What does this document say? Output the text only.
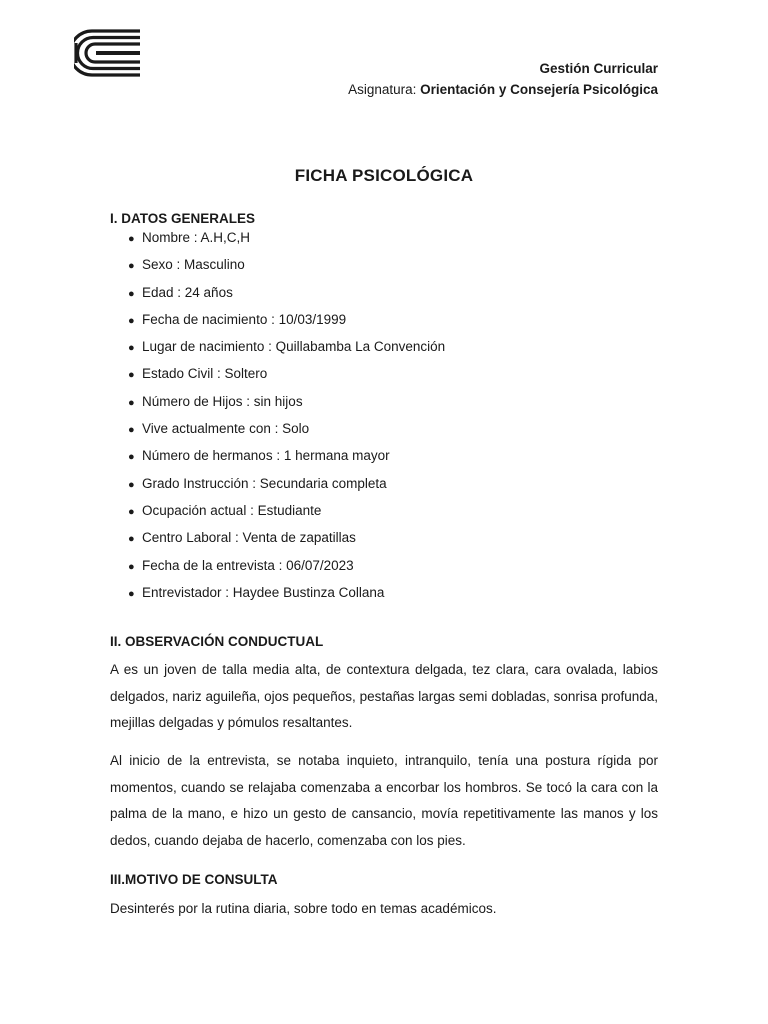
Gestión Curricular
Asignatura: Orientación y Consejería Psicológica
FICHA PSICOLÓGICA
I. DATOS GENERALES
● Nombre : A.H,C,H
● Sexo : Masculino
● Edad : 24 años
● Fecha de nacimiento : 10/03/1999
● Lugar de nacimiento : Quillabamba La Convención
● Estado Civil : Soltero
● Número de Hijos : sin hijos
● Vive actualmente con : Solo
● Número de hermanos : 1 hermana mayor
● Grado Instrucción : Secundaria completa
● Ocupación actual : Estudiante
● Centro Laboral : Venta de zapatillas
● Fecha de la entrevista : 06/07/2023
● Entrevistador : Haydee Bustinza Collana
II. OBSERVACIÓN CONDUCTUAL

A es un joven de talla media alta, de contextura delgada, tez clara, cara ovalada, labios delgados, nariz aguileña, ojos pequeños, pestañas largas semi dobladas, sonrisa profunda, mejillas delgadas y pómulos resaltantes.

Al inicio de la entrevista, se notaba inquieto, intranquilo, tenía una postura rígida por momentos, cuando se relajaba comenzaba a encorbar los hombros. Se tocó la cara con la palma de la mano, e hizo un gesto de cansancio, movía repetitivamente las manos y los dedos, cuando dejaba de hacerlo, comenzaba con los pies.

III.MOTIVO DE CONSULTA

Desinterés por la rutina diaria, sobre todo en temas académicos.
